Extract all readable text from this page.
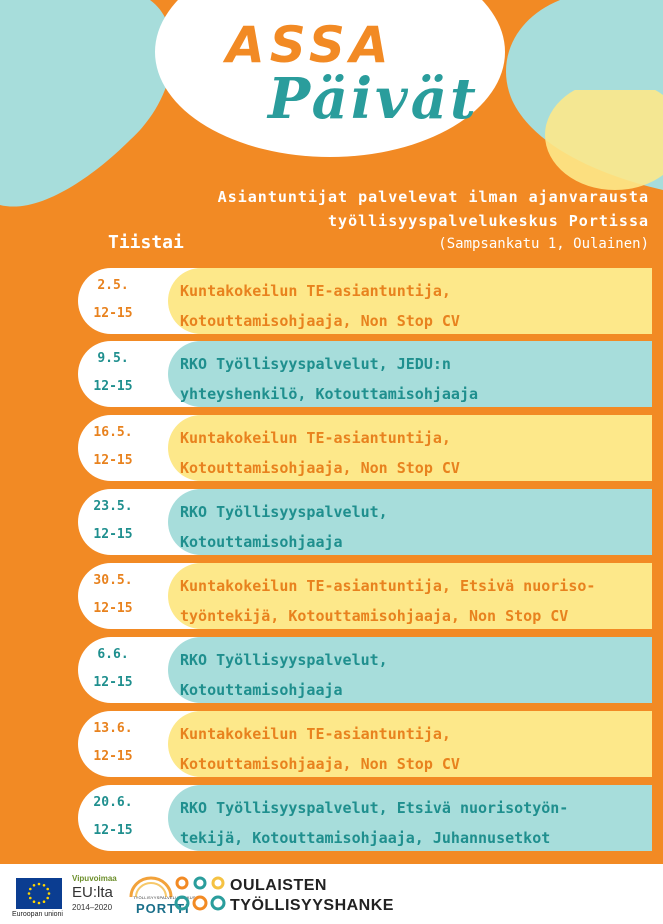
ASSA
Päivät

Asiantuntijat palvelevat ilman ajanvarausta

työllisyyspalvelukeskus Portissa

(Sampsankatu 1, Oulainen)

Tiistai

2.5.

12-15

Kuntakokeilun TE-asiantuntija,
Kotouttamisohjaaja, Non Stop CV

9.5.

12-15

RKO Työllisyyspalvelut, JEDU:n
yhteyshenkilö, Kotouttamisohjaaja

16.5.

12-15

Kuntakokeilun TE-asiantuntija,
Kotouttamisohjaaja, Non Stop CV

23.5.

12-15

RKO Työllisyyspalvelut,
Kotouttamisohjaaja

30.5.

12-15

Kuntakokeilun TE-asiantuntija, Etsivä nuoriso-
työntekijä, Kotouttamisohjaaja, Non Stop CV

6.6.

12-15

RKO Työllisyyspalvelut,
Kotouttamisohjaaja

13.6.

12-15

Kuntakokeilun TE-asiantuntija,
Kotouttamisohjaaja, Non Stop CV

20.6.

12-15

RKO Työllisyyspalvelut, Etsivä nuorisotyön-
tekijä, Kotouttamisohjaaja, Juhannusetkot

Euroopan unioni

Vipuvoimaa

EU:lta

2014–2020

TYÖLLISYYSPALVELUKESKUS

PORTTI

OULAISTEN

TYÖLLISYYSHANKE
